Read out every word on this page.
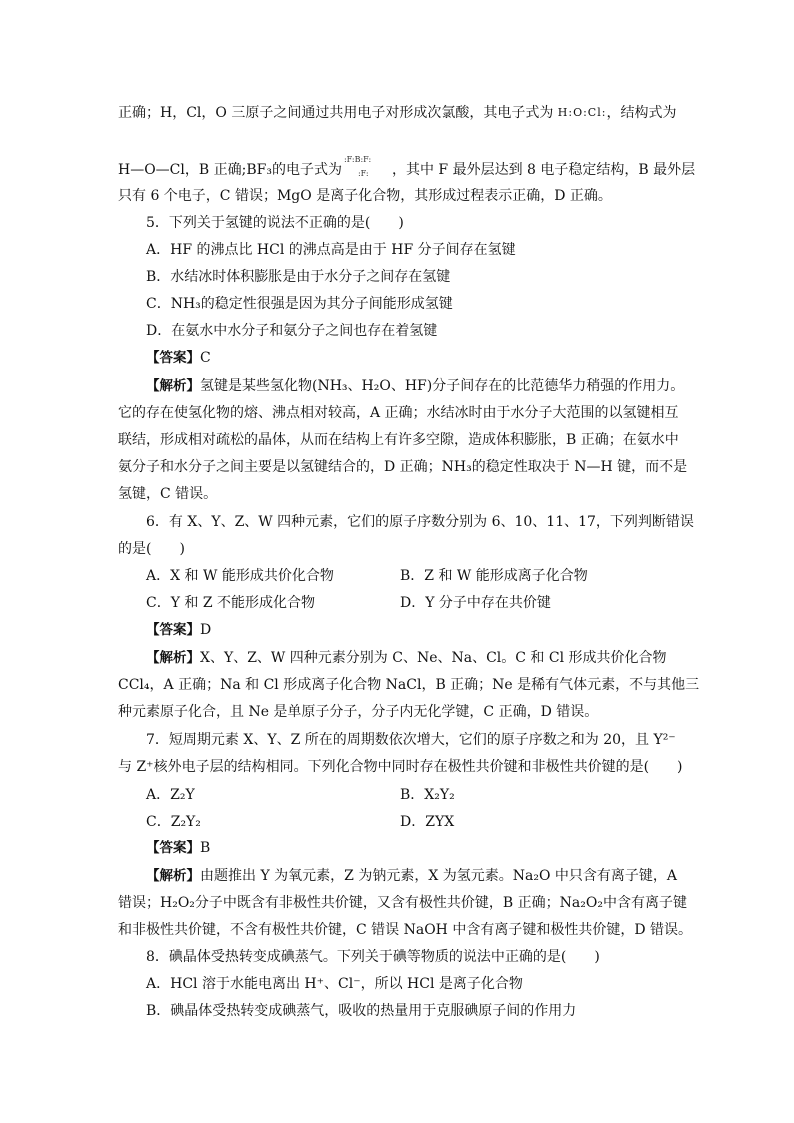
正确；H，Cl，O 三原子之间通过共用电子对形成次氯酸，其电子式为 H:O:Cl:，结构式为
H—O—Cl，B 正确;BF₃的电子式为
:F:B:F:
:F: ，其中 F 最外层达到 8 电子稳定结构，B 最外层
只有 6 个电子，C 错误；MgO 是离子化合物，其形成过程表示正确，D 正确。
5．下列关于氢键的说法不正确的是(　　)
A．HF 的沸点比 HCl 的沸点高是由于 HF 分子间存在氢键
B．水结冰时体积膨胀是由于水分子之间存在氢键
C．NH₃的稳定性很强是因为其分子间能形成氢键
D．在氨水中水分子和氨分子之间也存在着氢键
【答案】C
【解析】氢键是某些氢化物(NH₃、H₂O、HF)分子间存在的比范德华力稍强的作用力。
它的存在使氢化物的熔、沸点相对较高，A 正确；水结冰时由于水分子大范围的以氢键相互
联结，形成相对疏松的晶体，从而在结构上有许多空隙，造成体积膨胀，B 正确；在氨水中
氨分子和水分子之间主要是以氢键结合的，D 正确；NH₃的稳定性取决于 N—H 键，而不是
氢键，C 错误。
6．有 X、Y、Z、W 四种元素，它们的原子序数分别为 6、10、11、17，下列判断错误
的是(　　)
A．X 和 W 能形成共价化合物	B．Z 和 W 能形成离子化合物
C．Y 和 Z 不能形成化合物	D．Y 分子中存在共价键
【答案】D
【解析】X、Y、Z、W 四种元素分别为 C、Ne、Na、Cl。C 和 Cl 形成共价化合物
CCl₄，A 正确；Na 和 Cl 形成离子化合物 NaCl，B 正确；Ne 是稀有气体元素，不与其他三
种元素原子化合，且 Ne 是单原子分子，分子内无化学键，C 正确，D 错误。
7．短周期元素 X、Y、Z 所在的周期数依次增大，它们的原子序数之和为 20，且 Y²⁻
与 Z⁺核外电子层的结构相同。下列化合物中同时存在极性共价键和非极性共价键的是(　　)
A．Z₂Y	B．X₂Y₂
C．Z₂Y₂	D．ZYX
【答案】B
【解析】由题推出 Y 为氧元素，Z 为钠元素，X 为氢元素。Na₂O 中只含有离子键，A
错误；H₂O₂分子中既含有非极性共价键，又含有极性共价键，B 正确；Na₂O₂中含有离子键
和非极性共价键，不含有极性共价键，C 错误 NaOH 中含有离子键和极性共价键，D 错误。
8．碘晶体受热转变成碘蒸气。下列关于碘等物质的说法中正确的是(　　)
A．HCl 溶于水能电离出 H⁺、Cl⁻，所以 HCl 是离子化合物
B．碘晶体受热转变成碘蒸气，吸收的热量用于克服碘原子间的作用力
